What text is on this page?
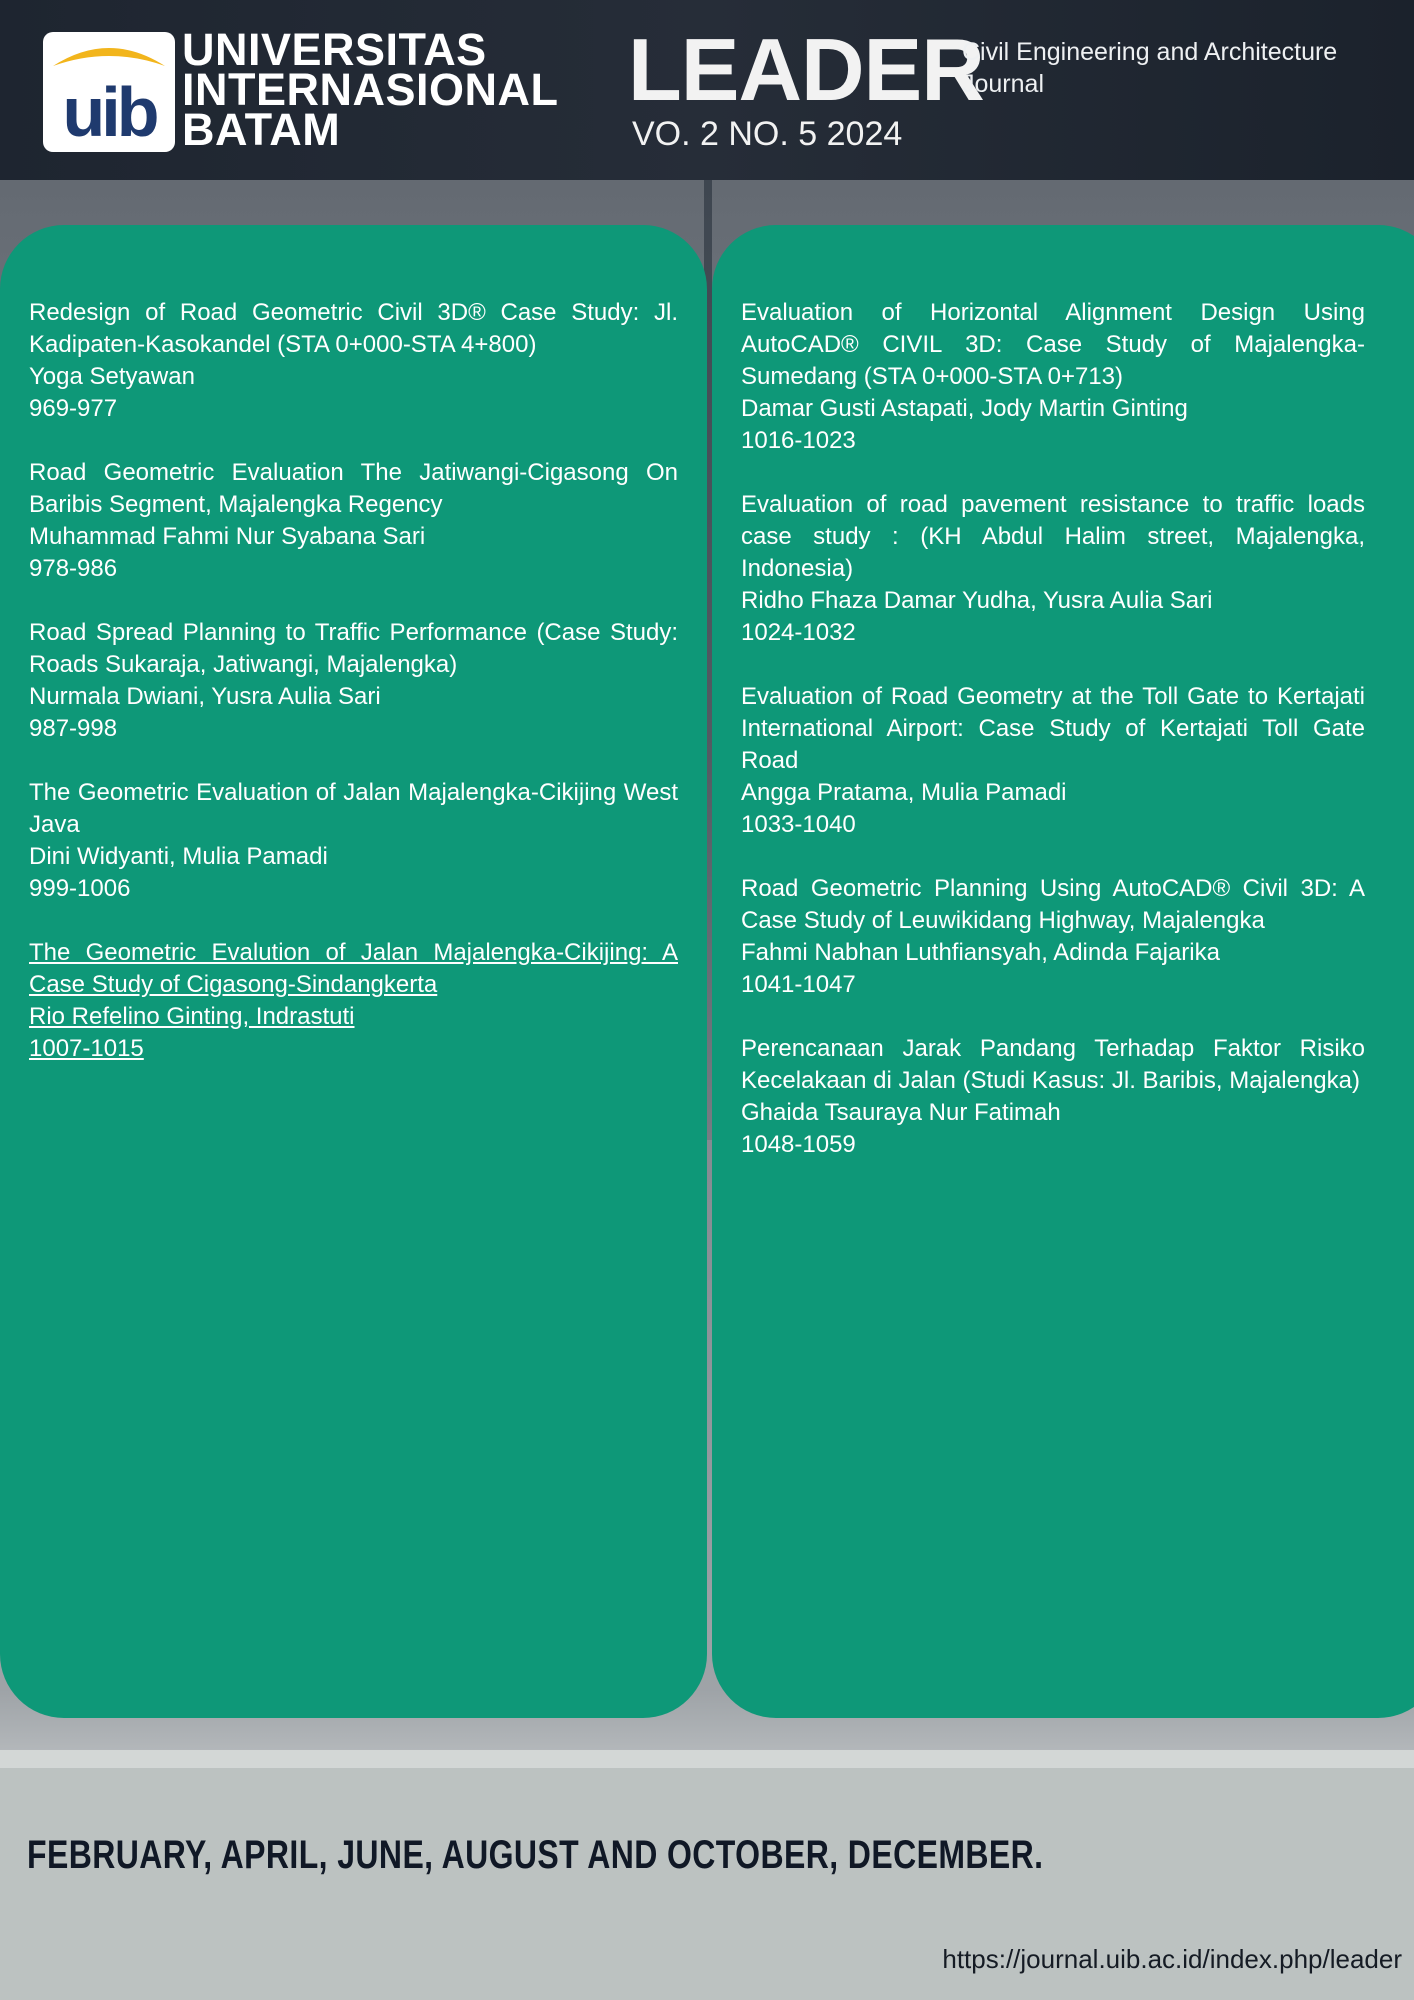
uib
UNIVERSITAS
INTERNASIONAL
BATAM
LEADER
Civil Engineering and Architecture Journal
VO. 2 NO. 5 2024
Redesign of Road Geometric Civil 3D® Case Study: Jl. Kadipaten-Kasokandel (STA 0+000-STA 4+800)
Yoga Setyawan
969-977
Road Geometric Evaluation The Jatiwangi-Cigasong On Baribis Segment, Majalengka Regency
Muhammad Fahmi Nur Syabana Sari
978-986
Road Spread Planning to Traffic Performance (Case Study: Roads Sukaraja, Jatiwangi, Majalengka)
Nurmala Dwiani, Yusra Aulia Sari
987-998
The Geometric Evaluation of Jalan Majalengka-Cikijing West Java
Dini Widyanti, Mulia Pamadi
999-1006
The Geometric Evalution of Jalan Majalengka-Cikijing: A Case Study of Cigasong-Sindangkerta
Rio Refelino Ginting, Indrastuti
1007-1015
Evaluation of Horizontal Alignment Design Using AutoCAD® CIVIL 3D: Case Study of Majalengka-Sumedang (STA 0+000-STA 0+713)
Damar Gusti Astapati, Jody Martin Ginting
1016-1023
Evaluation of road pavement resistance to traffic loads case study : (KH Abdul Halim street, Majalengka, Indonesia)
Ridho Fhaza Damar Yudha, Yusra Aulia Sari
1024-1032
Evaluation of Road Geometry at the Toll Gate to Kertajati International Airport: Case Study of Kertajati Toll Gate Road
Angga Pratama, Mulia Pamadi
1033-1040
Road Geometric Planning Using AutoCAD® Civil 3D: A Case Study of Leuwikidang Highway, Majalengka
Fahmi Nabhan Luthfiansyah, Adinda Fajarika
1041-1047
Perencanaan Jarak Pandang Terhadap Faktor Risiko Kecelakaan di Jalan (Studi Kasus: Jl. Baribis, Majalengka)
Ghaida Tsauraya Nur Fatimah
1048-1059
FEBRUARY, APRIL, JUNE, AUGUST AND OCTOBER, DECEMBER.
https://journal.uib.ac.id/index.php/leader
